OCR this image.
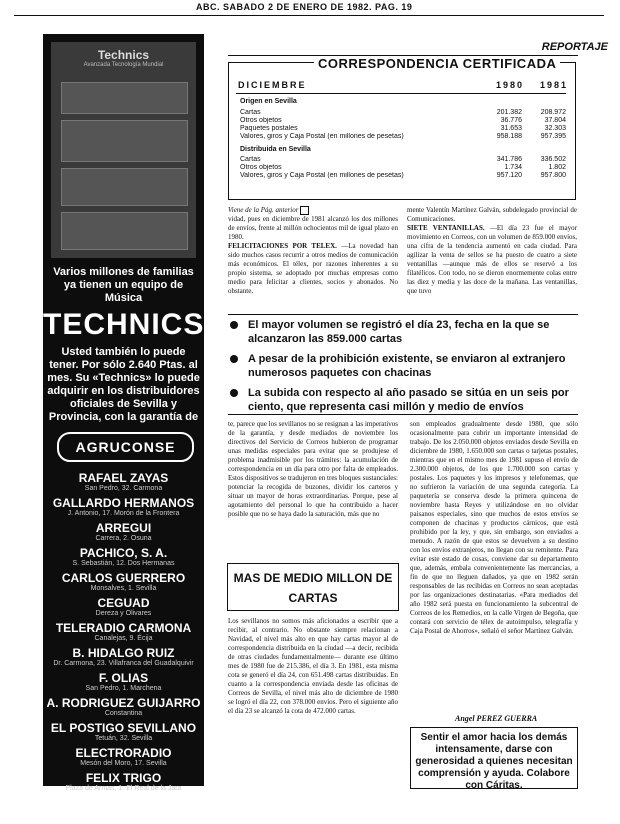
ABC. SABADO 2 DE ENERO DE 1982. PAG. 19
REPORTAJE
Technics
Avanzada Tecnología Mundial
Varios millones de familias ya tienen un equipo de Música
TECHNICS
Usted también lo puede tener. Por sólo 2.640 Ptas. al mes. Su «Technics» lo puede adquirir en los distribuidores oficiales de Sevilla y Provincia, con la garantía de
AGRUCONSE
RAFAEL ZAYAS
San Pedro, 32. Carmona
GALLARDO HERMANOS
J. Antonio, 17. Morón de la Frontera
ARREGUI
Carrera, 2. Osuna
PACHICO, S. A.
S. Sebastián, 12. Dos Hermanas
CARLOS GUERRERO
Monsalves, 1. Sevilla
CEGUAD
Dereza y Olivares
TELERADIO CARMONA
Canalejas, 9. Écija
B. HIDALGO RUIZ
Dr. Carmona, 23. Villafranca del Guadalquivir
F. OLIAS
San Pedro, 1. Marchena
A. RODRIGUEZ GUIJARRO
Constantina
EL POSTIGO SEVILLANO
Tetuán, 32. Sevilla
ELECTRORADIO
Mesón del Moro, 17. Sevilla
FELIX TRIGO
Plaza de Armas, 1. El Real de la Jara
CORRESPONDENCIA CERTIFICADA
DICIEMBRE	1980 1981
Origen en Sevilla
Cartas	201.382	208.972
Otros objetos	36.776	37.804
Paquetes postales	31.653	32.303
Valores, giros y Caja Postal (en millones de pesetas)	958.188	957.395
Distribuida en Sevilla
Cartas	341.786	336.502
Otros objetos	1.734	1.802
Valores, giros y Caja Postal (en millones de pesetas)	957.120	957.800
Viene de la Pág. anterior
vidad, pues en diciembre de 1981 alcanzó los dos millones de envíos, frente al millón ochocientos mil de igual plazo en 1980.
FELICITACIONES POR TELEX. —La novedad han sido muchos casos recurrir a otros medios de comunicación más económicos. El télex, por razones inherentes a su propio sistema, se adoptado por muchas empresas como medio para felicitar a clientes, socios y abonados. No obstante,
mente Valentín Martínez Galván, subdelegado provincial de Comunicaciones.
SIETE VENTANILLAS. —El día 23 fue el mayor movimiento en Correos, con un volumen de 859.000 envíos, una cifra de la tendencia aumentó en cada ciudad. Para agilizar la venta de sellos se ha puesto de cuatro a siete ventanillas —aunque más de ellos se reservó a los filatélicos. Con todo, no se dieron enormemente colas entre las diez y media y las doce de la mañana. Las ventanillas, que tuvo
El mayor volumen se registró el día 23, fecha en la que se alcanzaron las 859.000 cartas
A pesar de la prohibición existente, se enviaron al extranjero numerosos paquetes con chacinas
La subida con respecto al año pasado se sitúa en un seis por ciento, que representa casi millón y medio de envíos
te, parece que los sevillanos no se resignan a las imperativos de la garantía, y desde mediados de noviembre los directivos del Servicio de Correos hubieron de programar unas medidas especiales para evitar que se produjese el problema inadmisible por los trámites: la acumulación de correspondencia en un día para otro por falta de empleados. Estos dispositivos se tradujeron en tres bloques sustanciales: potenciar la recogida de buzones, dividir los carteros y situar un mayor de horas extraordinarias. Porque, pese al agotamiento del personal lo que ha contribuido a hacer posible que no se haya dado la saturación, más que no
MAS DE MEDIO MILLON DE CARTAS
Los sevillanos no somos más aficionados a escribir que a recibir, al contrario. No obstante siempre relacionan a Navidad, el nivel más alto en que hay cartas mayor al de correspondencia distribuida en la ciudad —a decir, recibida de otras ciudades fundamentalmente— durante ese último mes de 1980 fue de 215.386, el día 3. En 1981, esta misma cota se generó el día 24, con 651.498 cartas distribuidas. En cuanto a la correspondencia enviada desde las oficinas de Correos de Sevilla, el nivel más alto de diciembre de 1980 se logró el día 22, con 378.000 envíos. Pero el siguiente año el día 23 se alcanzó la cota de 472.000 cartas.
son empleados gradualmente desde 1980, que sólo ocasionalmente para cubrir un importante intensidad de trabajo. De los 2.050.000 objetos enviados desde Sevilla en diciembre de 1980, 1.650.000 son cartas o tarjetas postales, mientras que en el mismo mes de 1981 supuso el envío de 2.300.000 objetos, de los que 1.700.000 son cartas y postales. Los paquetes y los impresos y telefonemas, que no sufrieron la variación de una segunda categoría. La paquetería se conserva desde la primera quincena de noviembre hasta Reyes y utilizándose en no olvidar paisanos especiales, sino que muchos de estos envíos se componen de chacinas y productos cárnicos, que está prohibido por la ley, y que, sin embargo, son enviados a menudo. A razón de que estos se devuelven a su destino con los envíos extranjeros, no llegan con su remitente. Para evitar este estado de cosas, conviene dar su departamento que, además, embala convenientemente las mercancías, a fin de que no lleguen dañados, ya que en 1982 serán responsables de las recibidas en Correos no sean aceptadas por las organizaciones destinatarias. «Para mediados del año 1982 será puesta en funcionamiento la subcentral de Correos de los Remedios, en la calle Virgen de Begoña, que contará con servicio de télex de autoimpulso, telegrafía y Caja Postal de Ahorros», señaló el señor Martínez Galván.
Angel PEREZ GUERRA
Sentir el amor hacia los demás intensamente, darse con generosidad a quienes necesitan comprensión y ayuda. Colabore con Cáritas.
